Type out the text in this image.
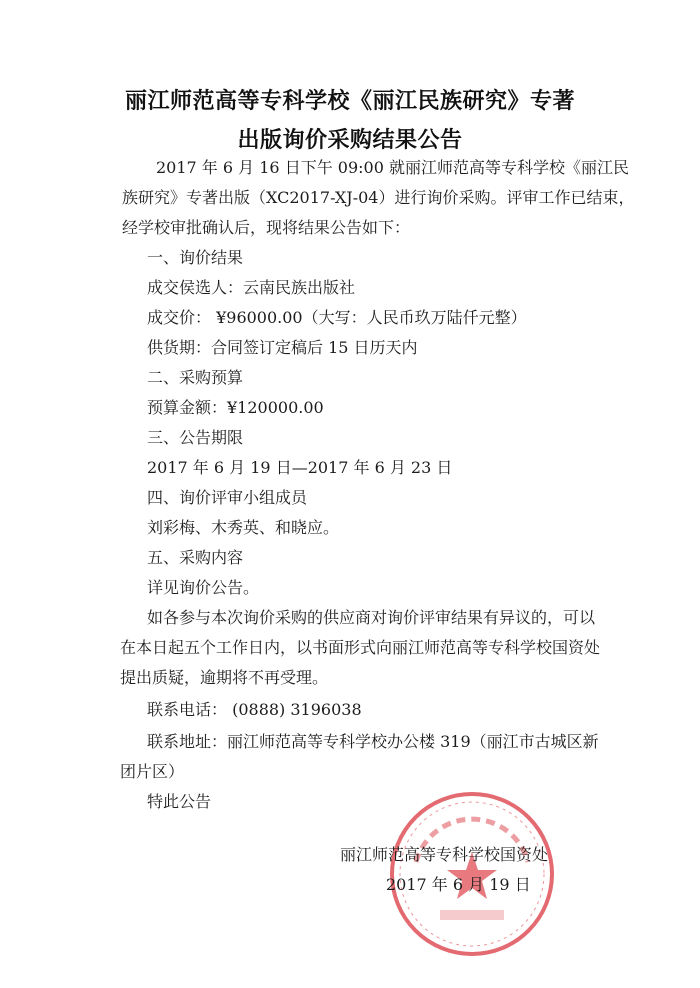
丽江师范高等专科学校《丽江民族研究》专著
出版询价采购结果公告
2017 年 6 月 16 日下午 09:00 就丽江师范高等专科学校《丽江民
族研究》专著出版（XC2017-XJ-04）进行询价采购。评审工作已结束，
经学校审批确认后，现将结果公告如下：
一、询价结果
成交侯选人：云南民族出版社
成交价： ¥96000.00（大写：人民币玖万陆仟元整）
供货期：合同签订定稿后 15 日历天内
二、采购预算
预算金额：¥120000.00
三、公告期限
2017 年 6 月 19 日—2017 年 6 月 23 日
四、询价评审小组成员
刘彩梅、木秀英、和晓应。
五、采购内容
详见询价公告。
如各参与本次询价采购的供应商对询价评审结果有异议的，可以
在本日起五个工作日内，以书面形式向丽江师范高等专科学校国资处
提出质疑，逾期将不再受理。
联系电话： (0888) 3196038
联系地址：丽江师范高等专科学校办公楼 319（丽江市古城区新
团片区）
特此公告
丽江师范高等专科学校国资处
2017 年 6 月 19 日
